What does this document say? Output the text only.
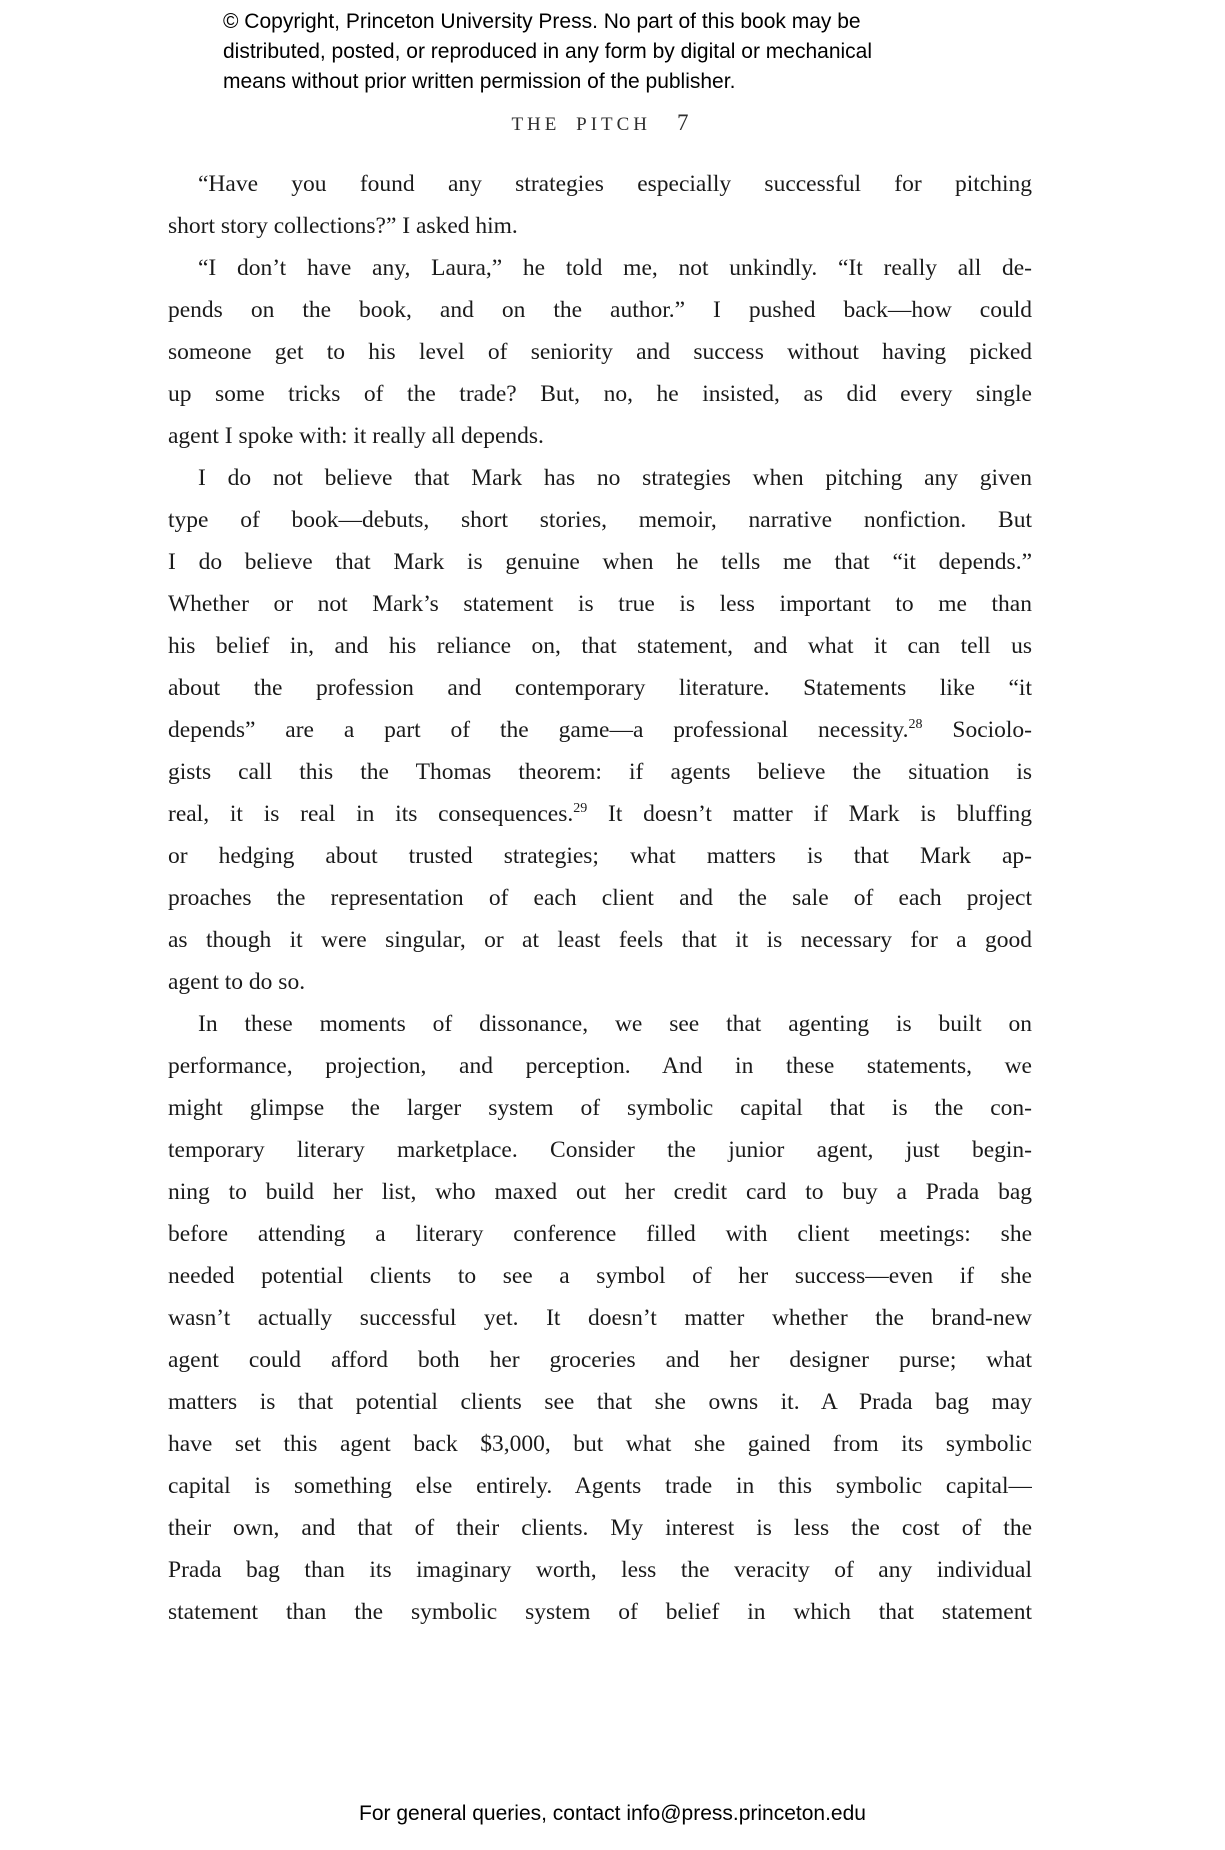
© Copyright, Princeton University Press. No part of this book may be
distributed, posted, or reproduced in any form by digital or mechanical
means without prior written permission of the publisher.
THE PITCH 7
“Have you found any strategies especially successful for pitching
short story collections?” I asked him.
“I don’t have any, Laura,” he told me, not unkindly. “It really all de-
pends on the book, and on the author.” I pushed back—how could
someone get to his level of seniority and success without having picked
up some tricks of the trade? But, no, he insisted, as did every single
agent I spoke with: it really all depends.
I do not believe that Mark has no strategies when pitching any given
type of book—debuts, short stories, memoir, narrative nonfiction. But
I do believe that Mark is genuine when he tells me that “it depends.”
Whether or not Mark’s statement is true is less important to me than
his belief in, and his reliance on, that statement, and what it can tell us
about the profession and contemporary literature. Statements like “it
depends” are a part of the game—a professional necessity.$^{28}$ Sociolo-
gists call this the Thomas theorem: if agents believe the situation is
real, it is real in its consequences.$^{29}$ It doesn’t matter if Mark is bluffing
or hedging about trusted strategies; what matters is that Mark ap-
proaches the representation of each client and the sale of each project
as though it were singular, or at least feels that it is necessary for a good
agent to do so.
In these moments of dissonance, we see that agenting is built on
performance, projection, and perception. And in these statements, we
might glimpse the larger system of symbolic capital that is the con-
temporary literary marketplace. Consider the junior agent, just begin-
ning to build her list, who maxed out her credit card to buy a Prada bag
before attending a literary conference filled with client meetings: she
needed potential clients to see a symbol of her success—even if she
wasn’t actually successful yet. It doesn’t matter whether the brand-new
agent could afford both her groceries and her designer purse; what
matters is that potential clients see that she owns it. A Prada bag may
have set this agent back $3,000, but what she gained from its symbolic
capital is something else entirely. Agents trade in this symbolic capital—
their own, and that of their clients. My interest is less the cost of the
Prada bag than its imaginary worth, less the veracity of any individual
statement than the symbolic system of belief in which that statement
For general queries, contact info@press.princeton.edu
